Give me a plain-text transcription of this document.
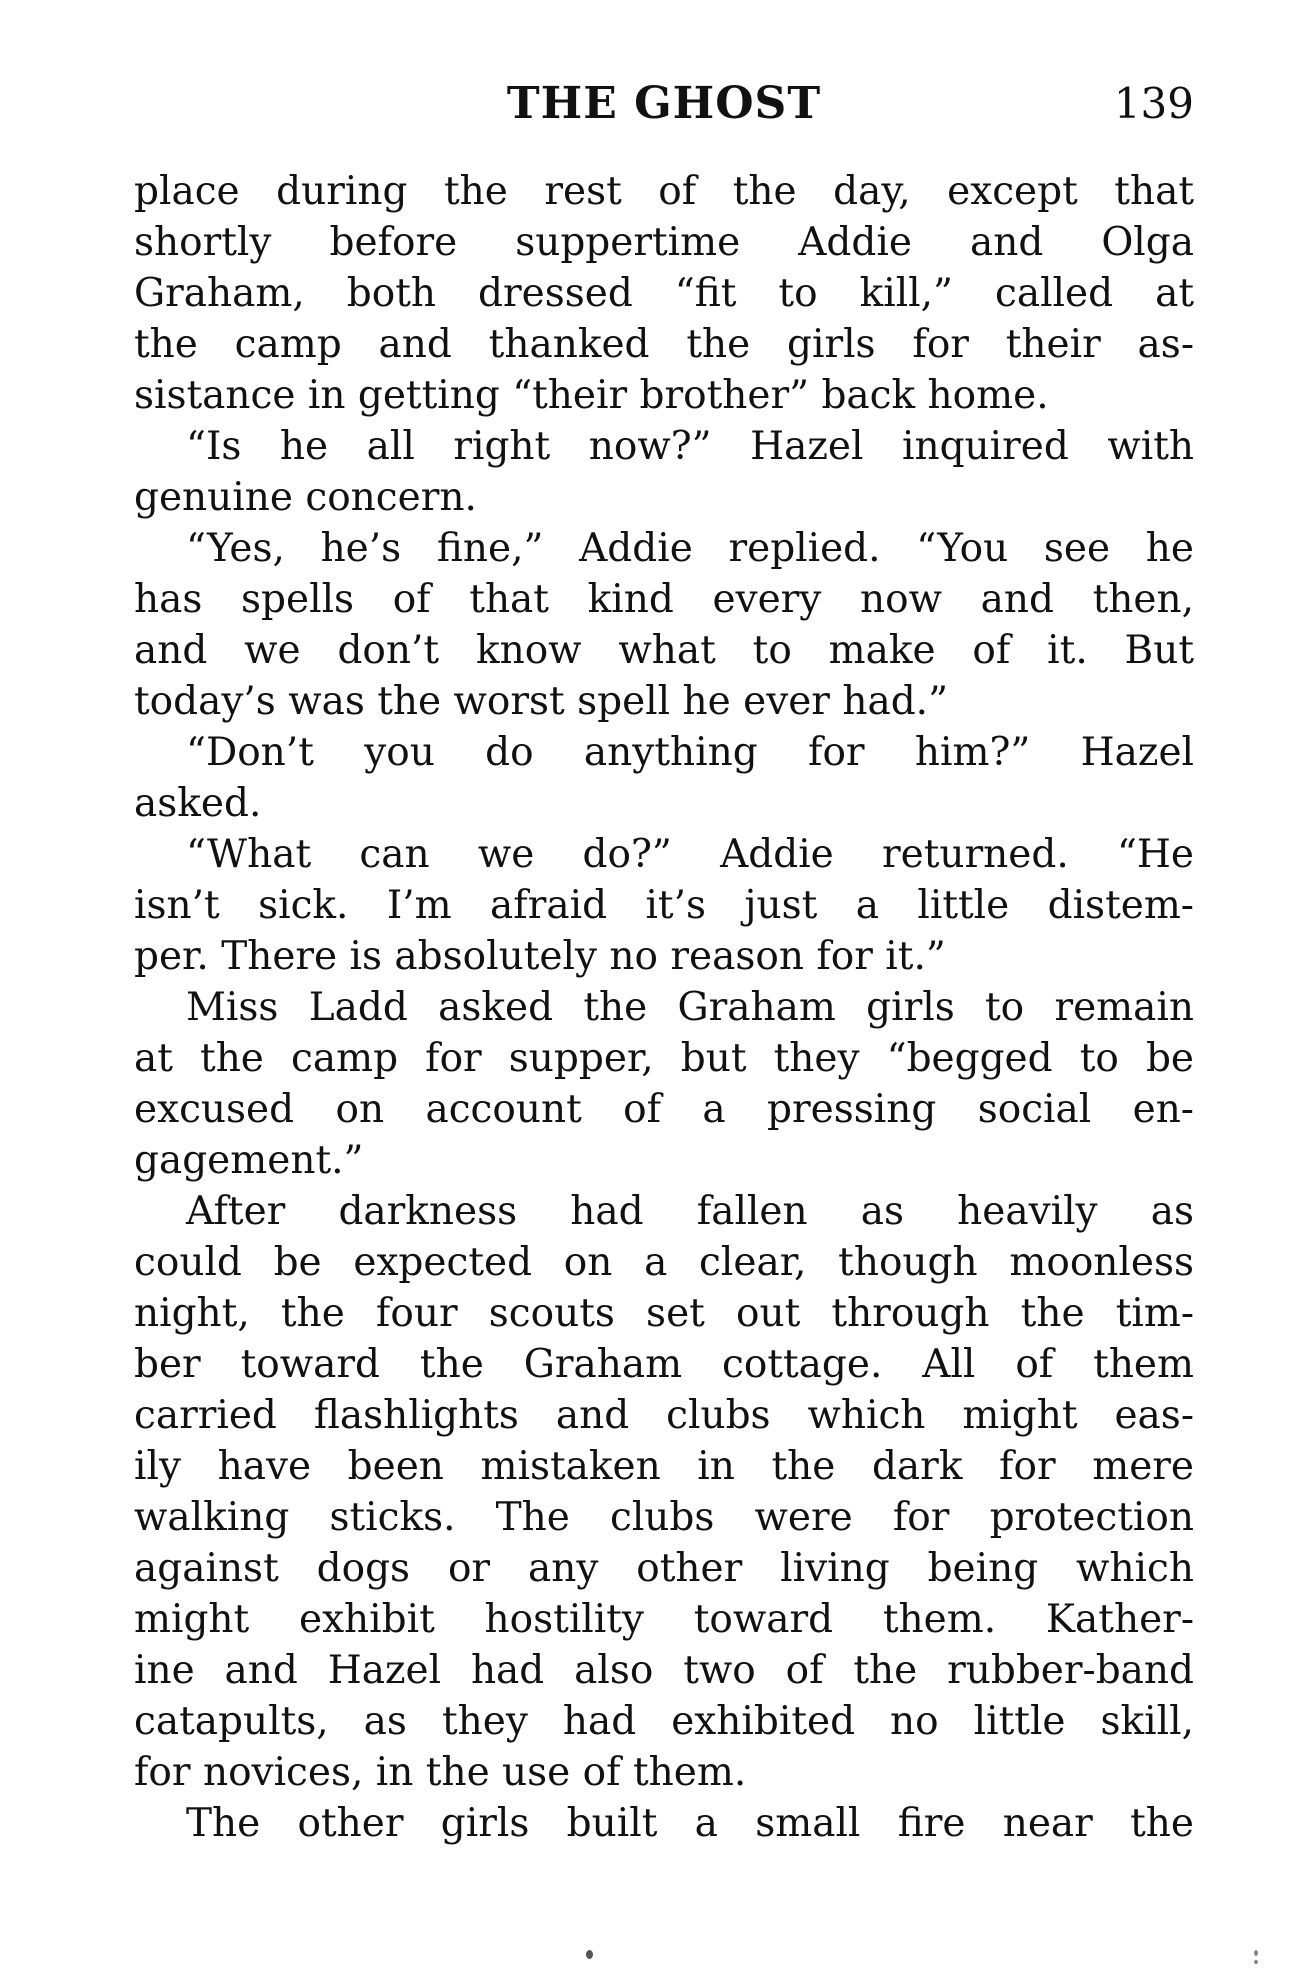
THE GHOST	139
place during the rest of the day, except that
shortly before suppertime Addie and Olga
Graham, both dressed “fit to kill,” called at
the camp and thanked the girls for their as-
sistance in getting “their brother” back home.
“Is he all right now?” Hazel inquired with
genuine concern.
“Yes, he’s fine,” Addie replied. “You see he
has spells of that kind every now and then,
and we don’t know what to make of it. But
today’s was the worst spell he ever had.”
“Don’t you do anything for him?” Hazel
asked.
“What can we do?” Addie returned. “He
isn’t sick. I’m afraid it’s just a little distem-
per. There is absolutely no reason for it.”
Miss Ladd asked the Graham girls to remain
at the camp for supper, but they “begged to be
excused on account of a pressing social en-
gagement.”
After darkness had fallen as heavily as
could be expected on a clear, though moonless
night, the four scouts set out through the tim-
ber toward the Graham cottage. All of them
carried flashlights and clubs which might eas-
ily have been mistaken in the dark for mere
walking sticks. The clubs were for protection
against dogs or any other living being which
might exhibit hostility toward them. Kather-
ine and Hazel had also two of the rubber-band
catapults, as they had exhibited no little skill,
for novices, in the use of them.
The other girls built a small fire near the
